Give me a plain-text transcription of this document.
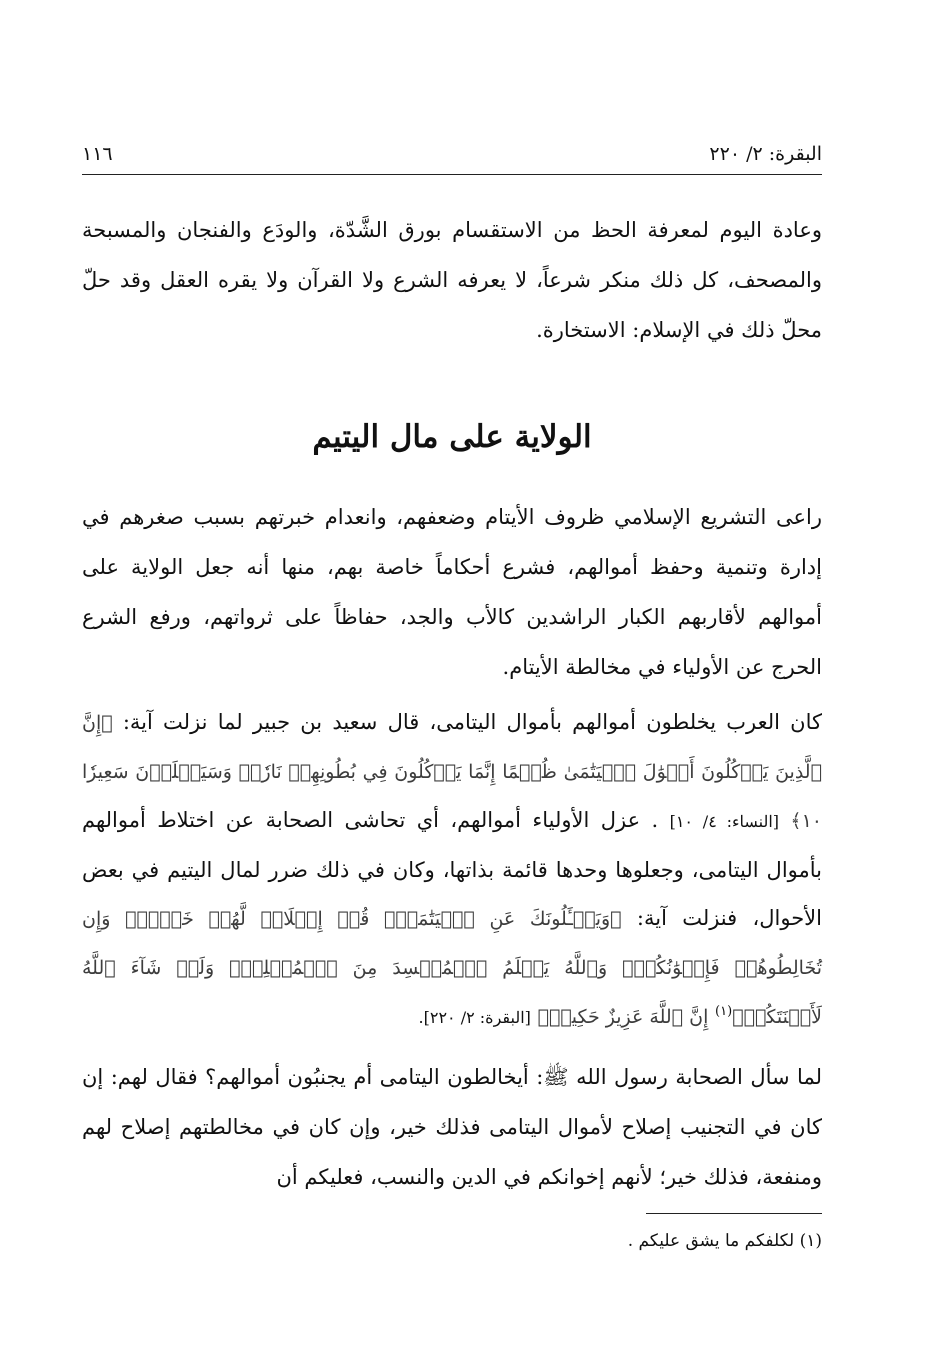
البقرة: ٢/ ٢٢٠
١١٦

وعادة اليوم لمعرفة الحظ من الاستقسام بورق الشَّدّة، والودَع والفنجان والمسبحة والمصحف، كل ذلك منكر شرعاً، لا يعرفه الشرع ولا القرآن ولا يقره العقل وقد حلّ محلّ ذلك في الإسلام: الاستخارة.

الولاية على مال اليتيم

راعى التشريع الإسلامي ظروف الأيتام وضعفهم، وانعدام خبرتهم بسبب صغرهم في إدارة وتنمية وحفظ أموالهم، فشرع أحكاماً خاصة بهم، منها أنه جعل الولاية على أموالهم لأقاربهم الكبار الراشدين كالأب والجد، حفاظاً على ثرواتهم، ورفع الشرع الحرج عن الأولياء في مخالطة الأيتام.

كان العرب يخلطون أموالهم بأموال اليتامى، قال سعيد بن جبير لما نزلت آية: ﴿إِنَّ ٱلَّذِينَ يَأۡكُلُونَ أَمۡوَٰلَ ٱلۡيَتَٰمَىٰ ظُلۡمًا إِنَّمَا يَأۡكُلُونَ فِي بُطُونِهِمۡ نَارٗاۖ وَسَيَصۡلَوۡنَ سَعِيرٗا ١٠﴾ [النساء: ٤/ ١٠] . عزل الأولياء أموالهم، أي تحاشى الصحابة عن اختلاط أموالهم بأموال اليتامى، وجعلوها وحدها قائمة بذاتها، وكان في ذلك ضرر لمال اليتيم في بعض الأحوال، فنزلت آية: ﴿وَيَسۡـَٔلُونَكَ عَنِ ٱلۡيَتَٰمَىٰۖ قُلۡ إِصۡلَاحٞ لَّهُمۡ خَيۡرٞۖ وَإِن تُخَالِطُوهُمۡ فَإِخۡوَٰنُكُمۡۚ وَٱللَّهُ يَعۡلَمُ ٱلۡمُفۡسِدَ مِنَ ٱلۡمُصۡلِحِۚ وَلَوۡ شَآءَ ٱللَّهُ لَأَعۡنَتَكُمۡۚ$^{(١)}$ إِنَّ ٱللَّهَ عَزِيزٌ حَكِيمٞ﴾ [البقرة: ٢/ ٢٢٠].

لما سأل الصحابة رسول الله ﷺ: أيخالطون اليتامى أم يجنبُون أموالهم؟ فقال لهم: إن كان في التجنيب إصلاح لأموال اليتامى فذلك خير، وإن كان في مخالطتهم إصلاح لهم ومنفعة، فذلك خير؛ لأنهم إخوانكم في الدين والنسب، فعليكم أن

(١) لكلفكم ما يشق عليكم .
